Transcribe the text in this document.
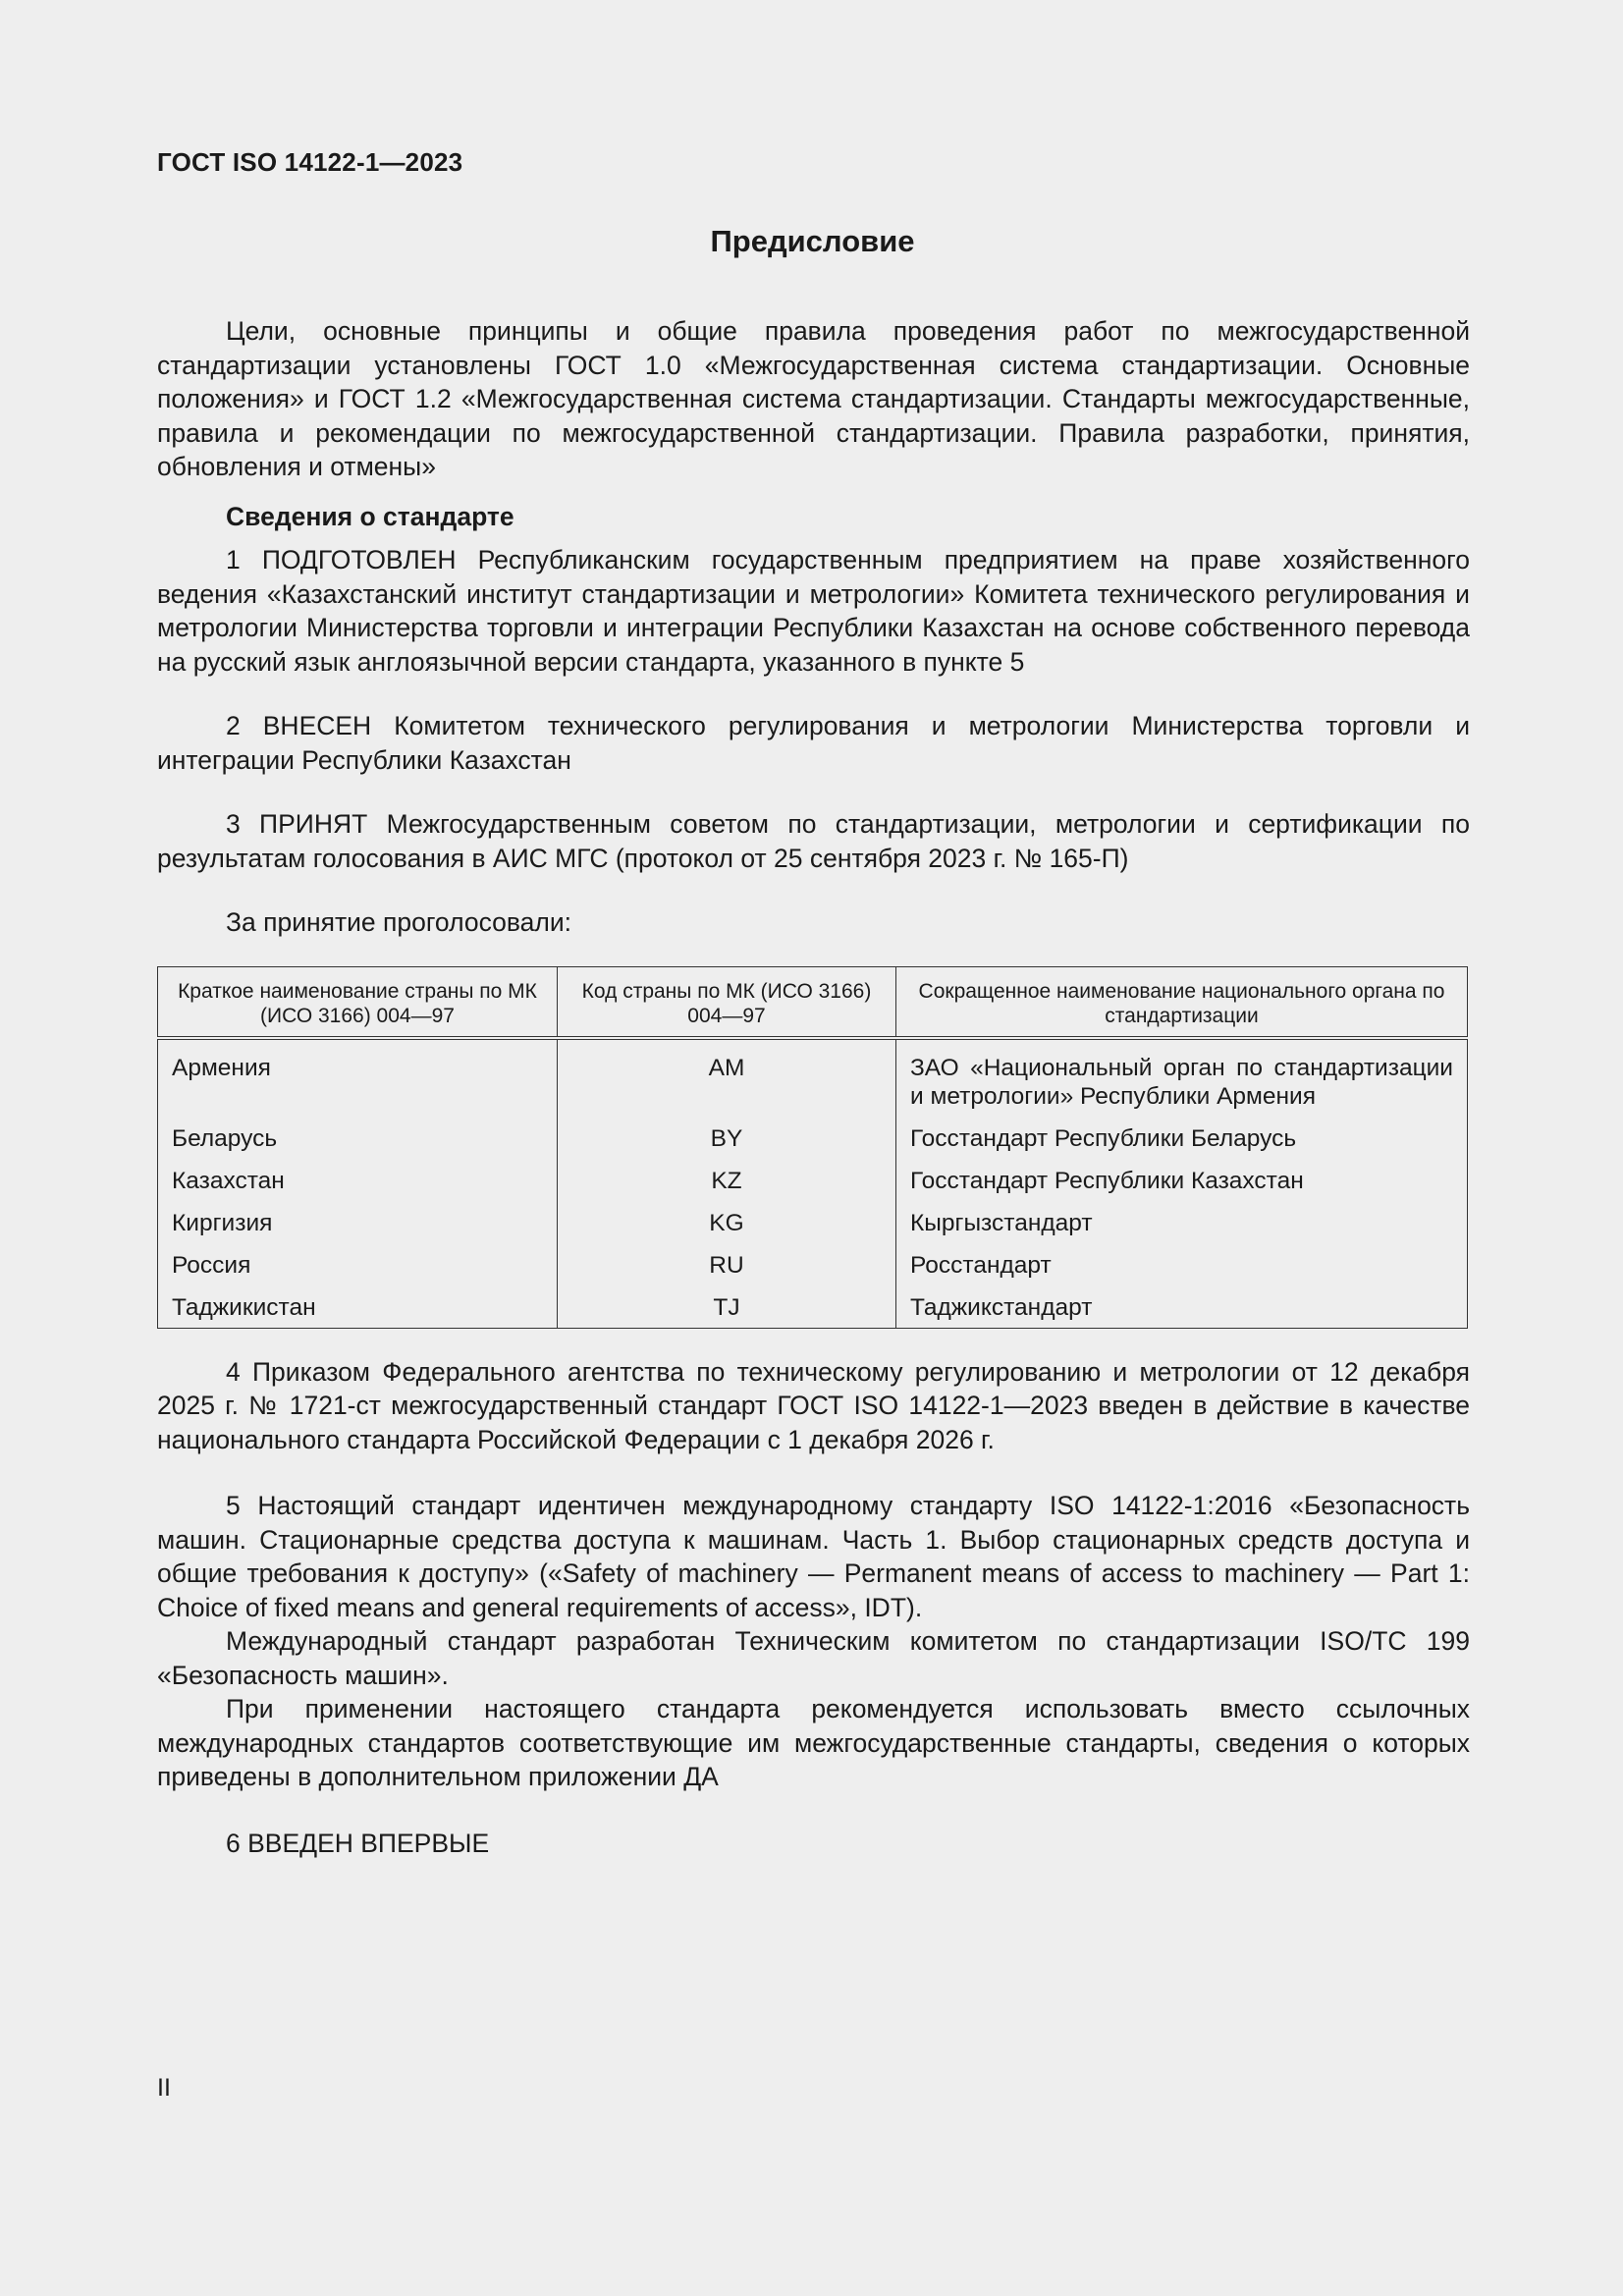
ГОСТ ISO 14122-1—2023
Предисловие

Цели, основные принципы и общие правила проведения работ по межгосударственной стандартизации установлены ГОСТ 1.0 «Межгосударственная система стандартизации. Основные положения» и ГОСТ 1.2 «Межгосударственная система стандартизации. Стандарты межгосударственные, правила и рекомендации по межгосударственной стандартизации. Правила разработки, принятия, обновления и отмены»

Сведения о стандарте

1 ПОДГОТОВЛЕН Республиканским государственным предприятием на праве хозяйственного ведения «Казахстанский институт стандартизации и метрологии» Комитета технического регулирования и метрологии Министерства торговли и интеграции Республики Казахстан на основе собственного перевода на русский язык англоязычной версии стандарта, указанного в пункте 5

2 ВНЕСЕН Комитетом технического регулирования и метрологии Министерства торговли и интеграции Республики Казахстан

3 ПРИНЯТ Межгосударственным советом по стандартизации, метрологии и сертификации по результатам голосования в АИС МГС (протокол от 25 сентября 2023 г. № 165-П)

За принятие проголосовали:

Краткое наименование страны по МК (ИСО 3166) 004—97	Код страны по МК (ИСО 3166) 004—97	Сокращенное наименование национального органа по стандартизации
Армения	AM	ЗАО «Национальный орган по стандартизации и метрологии» Республики Армения
Беларусь	BY	Госстандарт Республики Беларусь
Казахстан	KZ	Госстандарт Республики Казахстан
Киргизия	KG	Кыргызстандарт
Россия	RU	Росстандарт
Таджикистан	TJ	Таджикстандарт

4 Приказом Федерального агентства по техническому регулированию и метрологии от 12 декабря 2025 г. № 1721-ст межгосударственный стандарт ГОСТ ISO 14122-1—2023 введен в действие в качестве национального стандарта Российской Федерации с 1 декабря 2026 г.

5 Настоящий стандарт идентичен международному стандарту ISO 14122-1:2016 «Безопасность машин. Стационарные средства доступа к машинам. Часть 1. Выбор стационарных средств доступа и общие требования к доступу» («Safety of machinery — Permanent means of access to machinery — Part 1: Choice of fixed means and general requirements of access», IDT).

Международный стандарт разработан Техническим комитетом по стандартизации ISO/TC 199 «Безопасность машин».

При применении настоящего стандарта рекомендуется использовать вместо ссылочных международных стандартов соответствующие им межгосударственные стандарты, сведения о которых приведены в дополнительном приложении ДА

6 ВВЕДЕН ВПЕРВЫЕ

II
